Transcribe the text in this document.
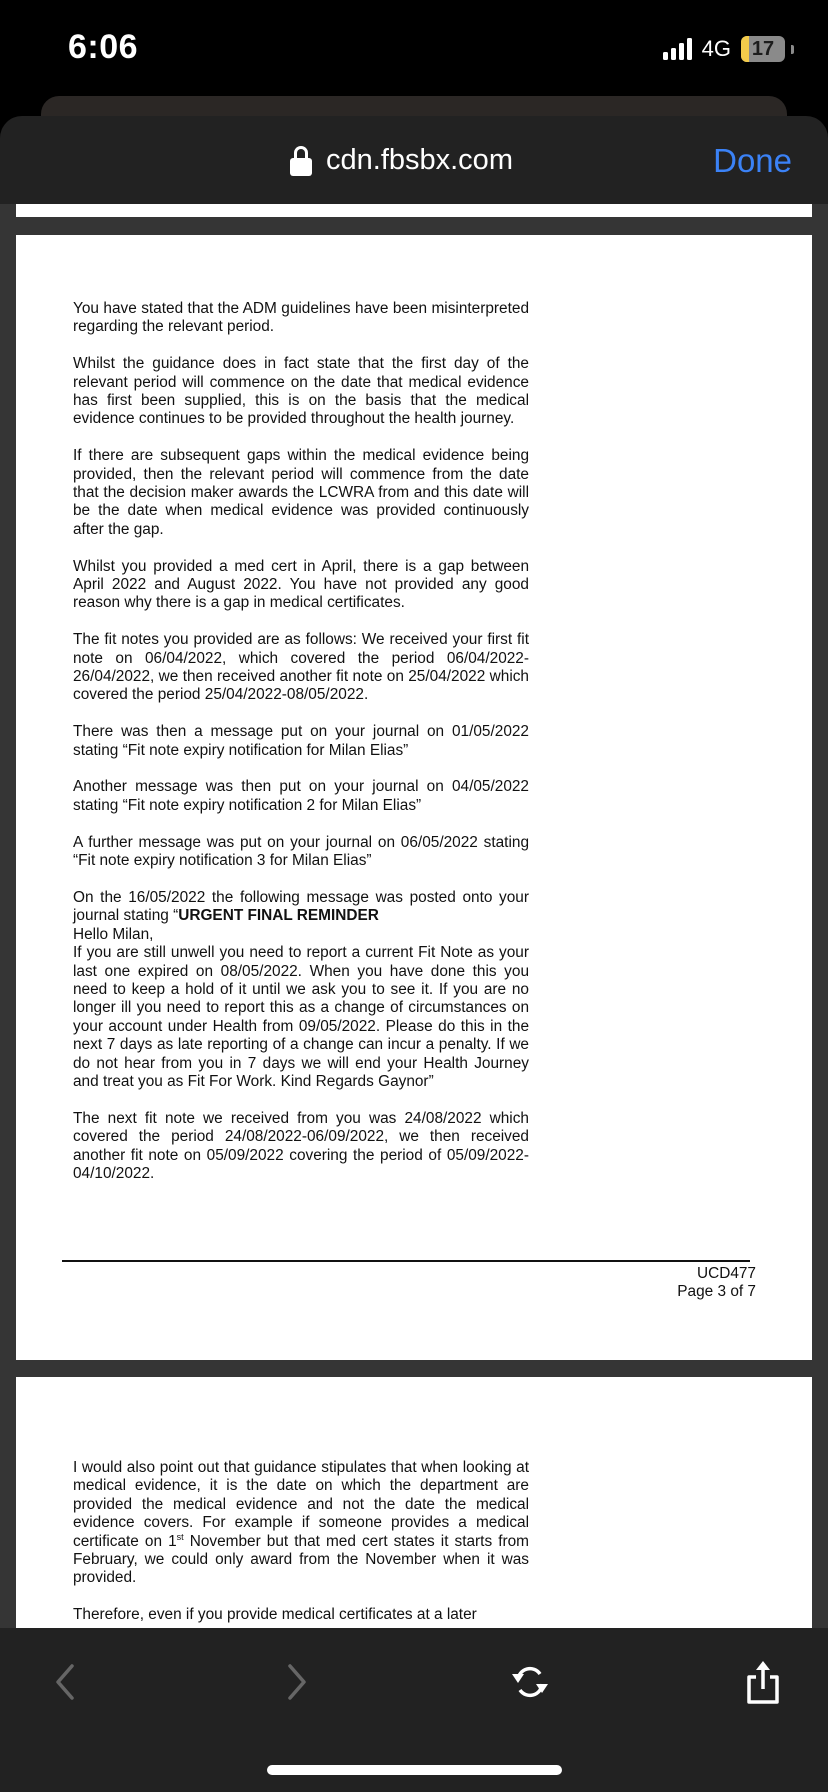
6:06	4G 17
cdn.fbsbx.com	Done

You have stated that the ADM guidelines have been misinterpreted regarding the relevant period.

Whilst the guidance does in fact state that the first day of the relevant period will commence on the date that medical evidence has first been supplied, this is on the basis that the medical evidence continues to be provided throughout the health journey.

If there are subsequent gaps within the medical evidence being provided, then the relevant period will commence from the date that the decision maker awards the LCWRA from and this date will be the date when medical evidence was provided continuously after the gap.

Whilst you provided a med cert in April, there is a gap between April 2022 and August 2022. You have not provided any good reason why there is a gap in medical certificates.

The fit notes you provided are as follows: We received your first fit note on 06/04/2022, which covered the period 06/04/2022-26/04/2022, we then received another fit note on 25/04/2022 which covered the period 25/04/2022-08/05/2022.

There was then a message put on your journal on 01/05/2022 stating “Fit note expiry notification for Milan Elias”

Another message was then put on your journal on 04/05/2022 stating “Fit note expiry notification 2 for Milan Elias”

A further message was put on your journal on 06/05/2022 stating “Fit note expiry notification 3 for Milan Elias”

On the 16/05/2022 the following message was posted onto your journal stating “URGENT FINAL REMINDER
Hello Milan,
If you are still unwell you need to report a current Fit Note as your last one expired on 08/05/2022. When you have done this you need to keep a hold of it until we ask you to see it. If you are no longer ill you need to report this as a change of circumstances on your account under Health from 09/05/2022. Please do this in the next 7 days as late reporting of a change can incur a penalty. If we do not hear from you in 7 days we will end your Health Journey and treat you as Fit For Work. Kind Regards Gaynor”

The next fit note we received from you was 24/08/2022 which covered the period 24/08/2022-06/09/2022, we then received another fit note on 05/09/2022 covering the period of 05/09/2022-04/10/2022.

UCD477
Page 3 of 7

I would also point out that guidance stipulates that when looking at medical evidence, it is the date on which the department are provided the medical evidence and not the date the medical evidence covers. For example if someone provides a medical certificate on 1st November but that med cert states it starts from February, we could only award from the November when it was provided.

Therefore, even if you provide medical certificates at a later
